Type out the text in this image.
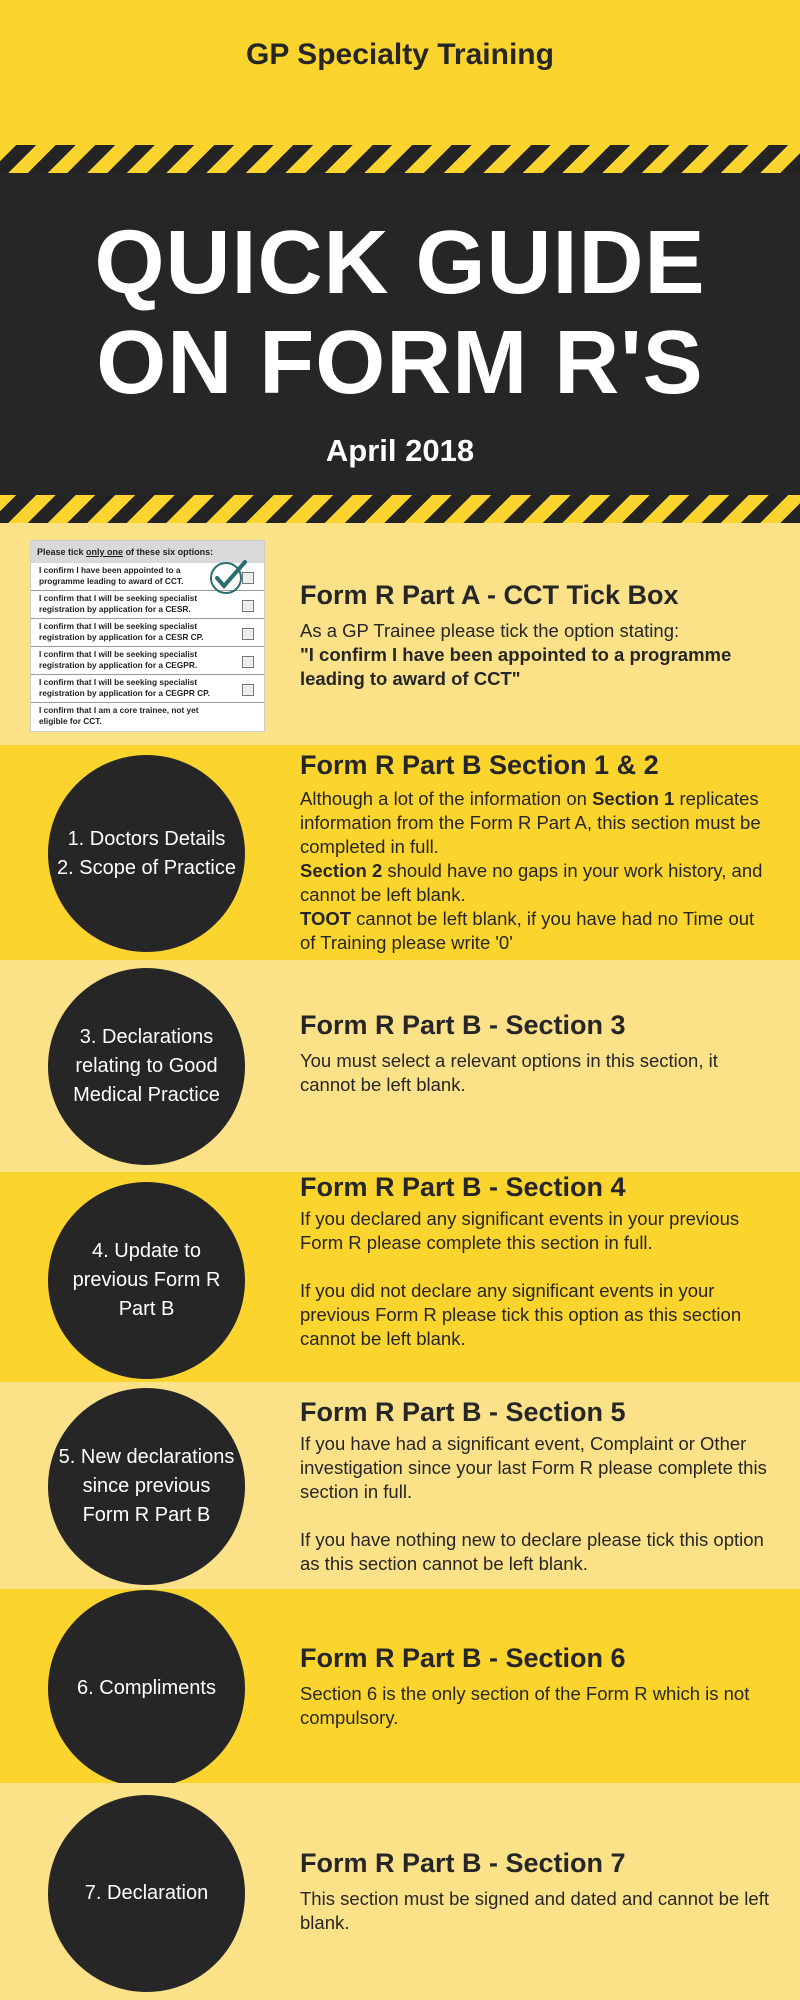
GP Specialty Training
QUICK GUIDE
ON FORM R'S
April 2018
Please tick only one of these six options:
I confirm I have been appointed to a programme leading to award of CCT.
I confirm that I will be seeking specialist registration by application for a CESR.
I confirm that I will be seeking specialist registration by application for a CESR CP.
I confirm that I will be seeking specialist registration by application for a CEGPR.
I confirm that I will be seeking specialist registration by application for a CEGPR CP.
I confirm that I am a core trainee, not yet eligible for CCT.

Form R Part A - CCT Tick Box

As a GP Trainee please tick the option stating:

"I confirm I have been appointed to a programme leading to award of CCT"

1. Doctors Details
2. Scope of Practice

Form R Part B Section 1 & 2

Although a lot of the information on Section 1 replicates information from the Form R Part A, this section must be completed in full.

Section 2 should have no gaps in your work history, and cannot be left blank.

TOOT cannot be left blank, if you have had no Time out of Training please write '0'

3. Declarations
relating to Good
Medical Practice

Form R Part B - Section 3

You must select a relevant options in this section, it cannot be left blank.

4. Update to
previous Form R
Part B

Form R Part B - Section 4

If you declared any significant events in your previous Form R please complete this section in full.

If you did not declare any significant events in your previous Form R please tick this option as this section cannot be left blank.

5. New declarations
since previous
Form R Part B

Form R Part B - Section 5

If you have had a significant event, Complaint or Other investigation since your last Form R please complete this section in full.

If you have nothing new to declare please tick this option as this section cannot be left blank.

6. Compliments

Form R Part B - Section 6

Section 6 is the only section of the Form R which is not compulsory.

7. Declaration

Form R Part B - Section 7

This section must be signed and dated and cannot be left blank.
